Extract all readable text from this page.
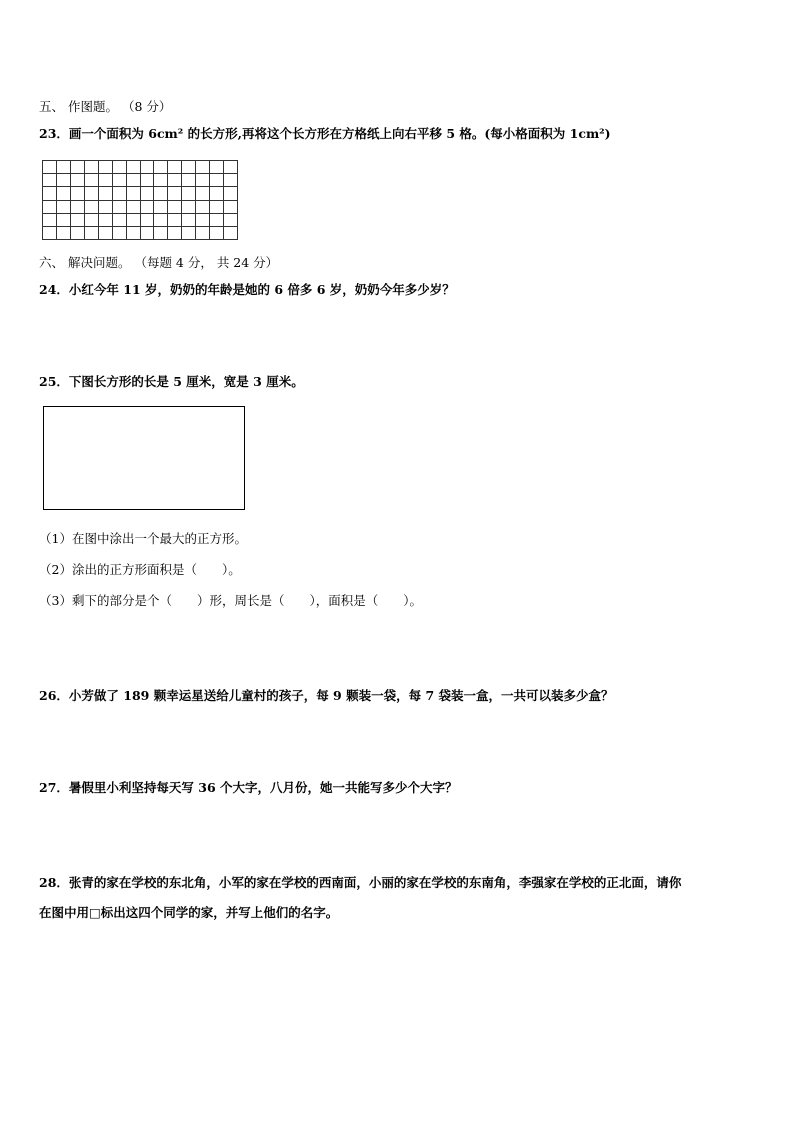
五、 作图题。 （8 分）
23．画一个面积为 6cm² 的长方形,再将这个长方形在方格纸上向右平移 5 格。(每小格面积为 1cm²)
六、 解决问题。 （每题 4 分， 共 24 分）
24．小红今年 11 岁，奶奶的年龄是她的 6 倍多 6 岁，奶奶今年多少岁？
25．下图长方形的长是 5 厘米，宽是 3 厘米。
（1）在图中涂出一个最大的正方形。
（2）涂出的正方形面积是（　　）。
（3）剩下的部分是个（　　）形，周长是（　　），面积是（　　）。
26．小芳做了 189 颗幸运星送给儿童村的孩子，每 9 颗装一袋，每 7 袋装一盒，一共可以装多少盒？
27．暑假里小利坚持每天写 36 个大字，八月份，她一共能写多少个大字？
28．张青的家在学校的东北角，小军的家在学校的西南面，小丽的家在学校的东南角，李强家在学校的正北面，请你
在图中用□标出这四个同学的家，并写上他们的名字。
